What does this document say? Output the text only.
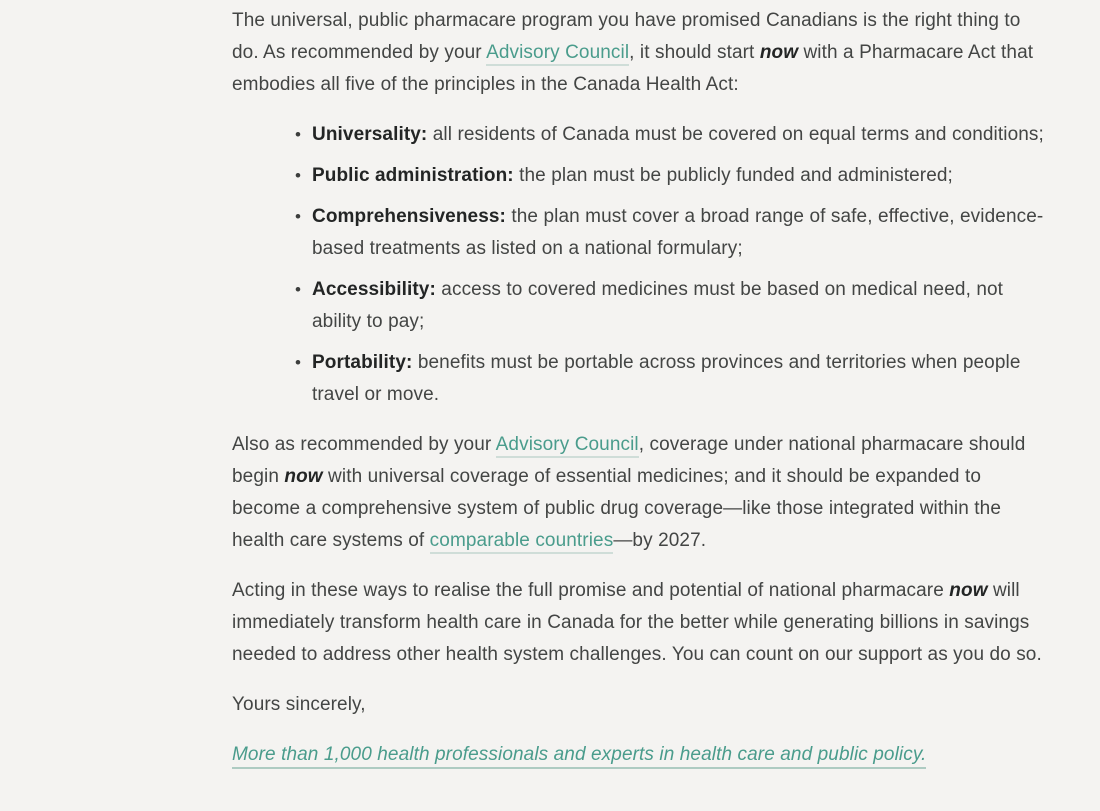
The universal, public pharmacare program you have promised Canadians is the right thing to do. As recommended by your Advisory Council, it should start now with a Pharmacare Act that embodies all five of the principles in the Canada Health Act:

• Universality: all residents of Canada must be covered on equal terms and conditions;
• Public administration: the plan must be publicly funded and administered;
• Comprehensiveness: the plan must cover a broad range of safe, effective, evidence-based treatments as listed on a national formulary;
• Accessibility: access to covered medicines must be based on medical need, not ability to pay;
• Portability: benefits must be portable across provinces and territories when people travel or move.

Also as recommended by your Advisory Council, coverage under national pharmacare should begin now with universal coverage of essential medicines; and it should be expanded to become a comprehensive system of public drug coverage—like those integrated within the health care systems of comparable countries—by 2027.

Acting in these ways to realise the full promise and potential of national pharmacare now will immediately transform health care in Canada for the better while generating billions in savings needed to address other health system challenges. You can count on our support as you do so.

Yours sincerely,

More than 1,000 health professionals and experts in health care and public policy.
